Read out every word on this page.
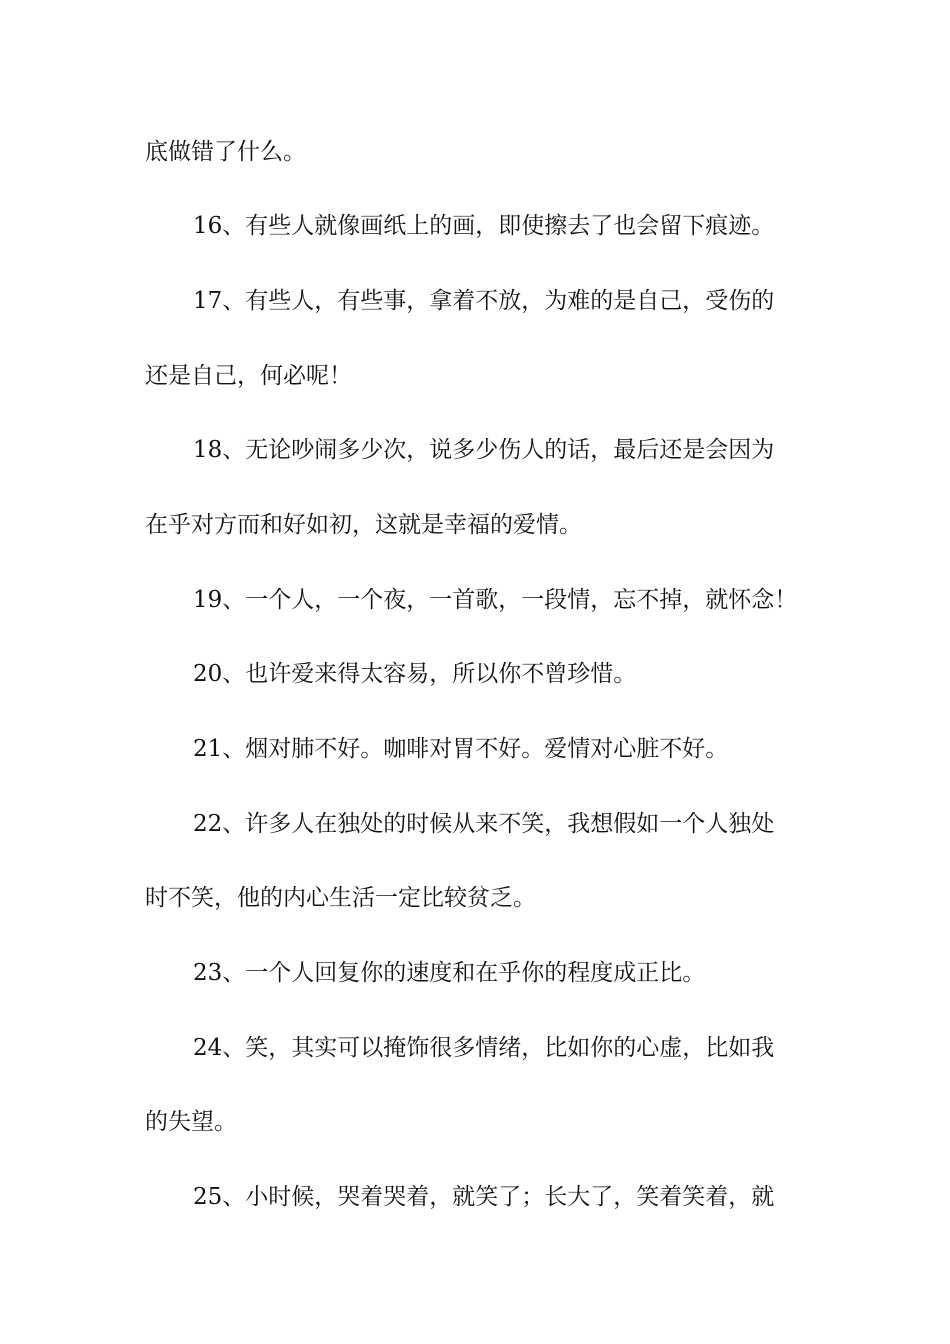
底做错了什么。
16、有些人就像画纸上的画，即使擦去了也会留下痕迹。
17、有些人，有些事，拿着不放，为难的是自己，受伤的
还是自己，何必呢！
18、无论吵闹多少次，说多少伤人的话，最后还是会因为
在乎对方而和好如初，这就是幸福的爱情。
19、一个人，一个夜，一首歌，一段情，忘不掉，就怀念！
20、也许爱来得太容易，所以你不曾珍惜。
21、烟对肺不好。咖啡对胃不好。爱情对心脏不好。
22、许多人在独处的时候从来不笑，我想假如一个人独处
时不笑，他的内心生活一定比较贫乏。
23、一个人回复你的速度和在乎你的程度成正比。
24、笑，其实可以掩饰很多情绪，比如你的心虚，比如我
的失望。
25、小时候，哭着哭着，就笑了；长大了，笑着笑着，就
